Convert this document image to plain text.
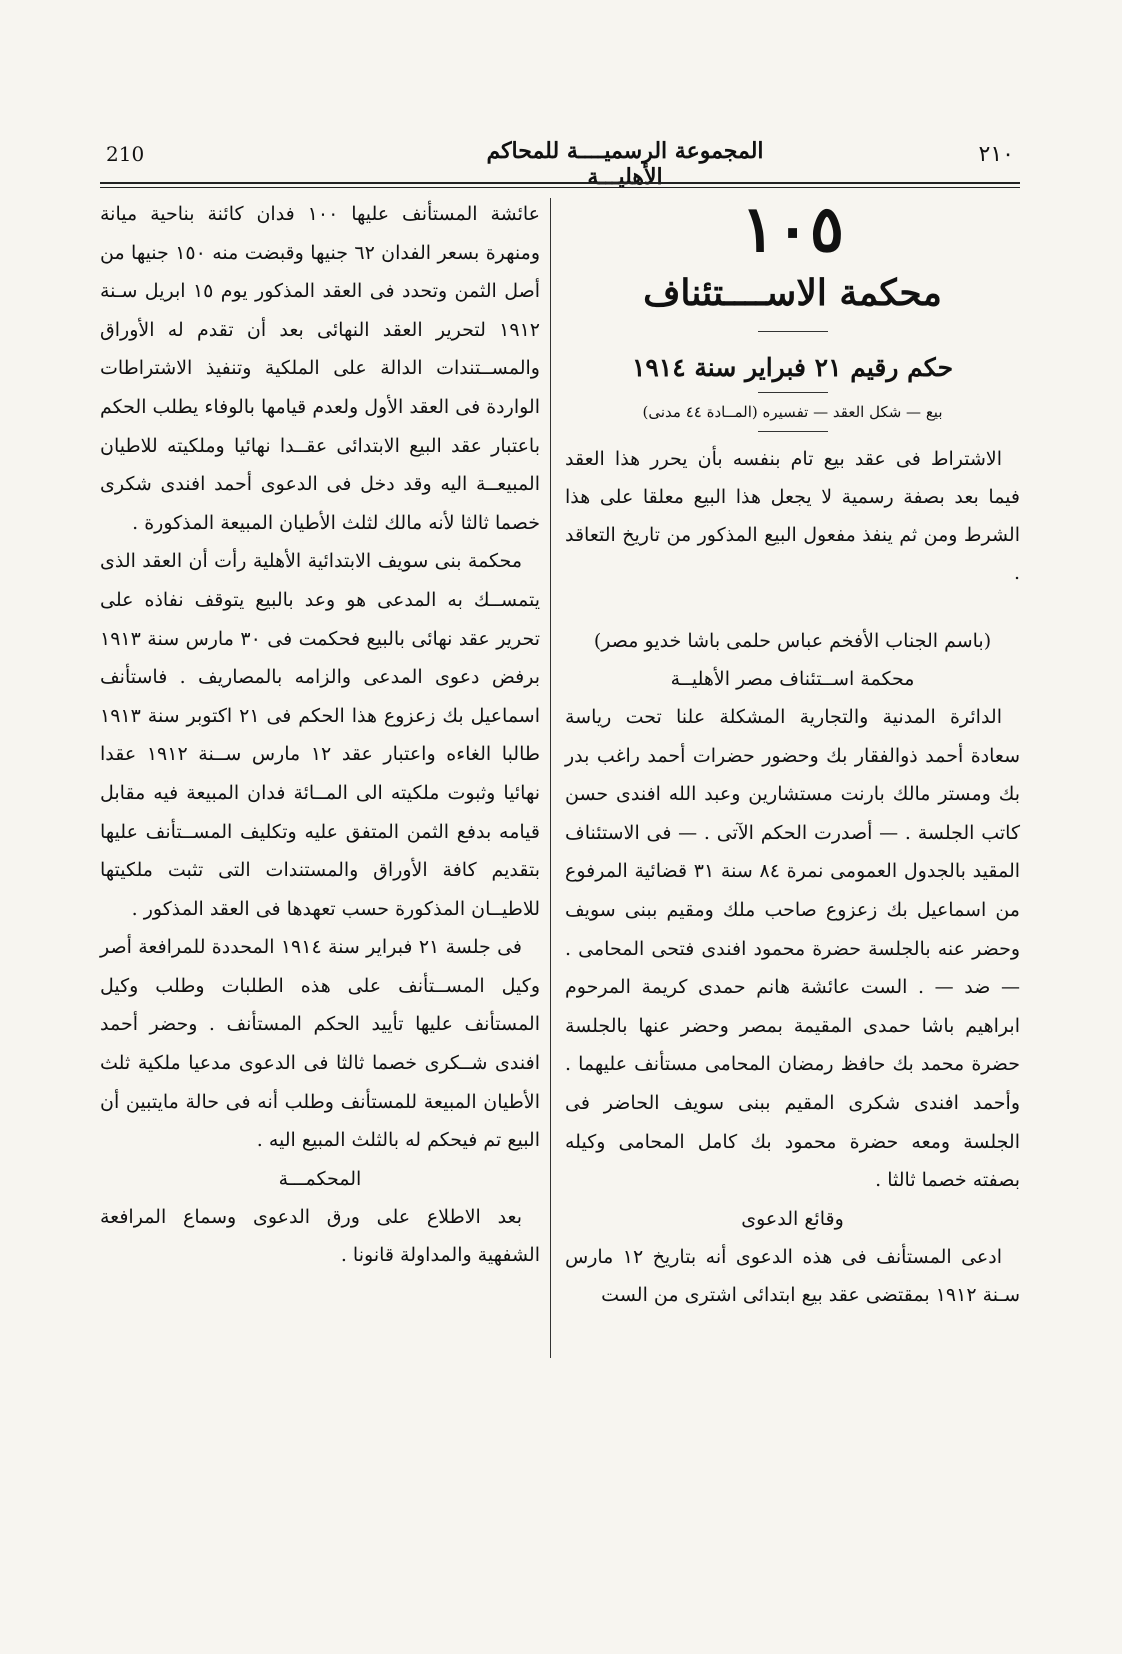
210	المجموعة الرسميــــة للمحاكم الأهليـــة
٢١٠

١٠٥

محكمة الاســــتئناف

حكم رقيم ٢١ فبراير سنة ١٩١٤

بيع — شكل العقد — تفسيره (المــادة ٤٤ مدنى)

الاشتراط فى عقد بيع تام بنفسه بأن يحرر هذا العقد فيما بعد بصفة رسمية لا يجعل هذا البيع معلقا على هذا الشرط ومن ثم ينفذ مفعول البيع المذكور من تاريخ التعاقد .

(باسم الجناب الأفخم عباس حلمى باشا خديو مصر)

محكمة اســتئناف مصر الأهليــة

الدائرة المدنية والتجارية المشكلة علنا تحت رياسة سعادة أحمد ذوالفقار بك وحضور حضرات أحمد راغب بدر بك ومستر مالك بارنت مستشارين وعبد الله افندى حسن كاتب الجلسة . — أصدرت الحكم الآتى . — فى الاستئناف المقيد بالجدول العمومى نمرة ٨٤ سنة ٣١ قضائية المرفوع من اسماعيل بك زعزوع صاحب ملك ومقيم ببنى سويف وحضر عنه بالجلسة حضرة محمود افندى فتحى المحامى . — ضد — . الست عائشة هانم حمدى كريمة المرحوم ابراهيم باشا حمدى المقيمة بمصر وحضر عنها بالجلسة حضرة محمد بك حافظ رمضان المحامى مستأنف عليهما . وأحمد افندى شكرى المقيم ببنى سويف الحاضر فى الجلسة ومعه حضرة محمود بك كامل المحامى وكيله بصفته خصما ثالثا .

وقائع الدعوى

ادعى المستأنف فى هذه الدعوى أنه بتاريخ ١٢ مارس سـنة ١٩١٢ بمقتضى عقد بيع ابتدائى اشترى من الست

عائشة المستأنف عليها ١٠٠ فدان كائنة بناحية ميانة ومنهرة بسعر الفدان ٦٢ جنيها وقبضت منه ١٥٠ جنيها من أصل الثمن وتحدد فى العقد المذكور يوم ١٥ ابريل سـنة ١٩١٢ لتحرير العقد النهائى بعد أن تقدم له الأوراق والمســتندات الدالة على الملكية وتنفيذ الاشتراطات الواردة فى العقد الأول ولعدم قيامها بالوفاء يطلب الحكم باعتبار عقد البيع الابتدائى عقــدا نهائيا وملكيته للاطيان المبيعــة اليه وقد دخل فى الدعوى أحمد افندى شكرى خصما ثالثا لأنه مالك لثلث الأطيان المبيعة المذكورة .

محكمة بنى سويف الابتدائية الأهلية رأت أن العقد الذى يتمســك به المدعى هو وعد بالبيع يتوقف نفاذه على تحرير عقد نهائى بالبيع فحكمت فى ٣٠ مارس سنة ١٩١٣ برفض دعوى المدعى والزامه بالمصاريف . فاستأنف اسماعيل بك زعزوع هذا الحكم فى ٢١ اكتوبر سنة ١٩١٣ طالبا الغاءه واعتبار عقد ١٢ مارس ســنة ١٩١٢ عقدا نهائيا وثبوت ملكيته الى المــائة فدان المبيعة فيه مقابل قيامه بدفع الثمن المتفق عليه وتكليف المســتأنف عليها بتقديم كافة الأوراق والمستندات التى تثبت ملكيتها للاطيــان المذكورة حسب تعهدها فى العقد المذكور .

فى جلسة ٢١ فبراير سنة ١٩١٤ المحددة للمرافعة أصر وكيل المســتأنف على هذه الطلبات وطلب وكيل المستأنف عليها تأييد الحكم المستأنف . وحضر أحمد افندى شــكرى خصما ثالثا فى الدعوى مدعيا ملكية ثلث الأطيان المبيعة للمستأنف وطلب أنه فى حالة مايتبين أن البيع تم فيحكم له بالثلث المبيع اليه .

المحكمـــة

بعد الاطلاع على ورق الدعوى وسماع المرافعة الشفهية والمداولة قانونا .
